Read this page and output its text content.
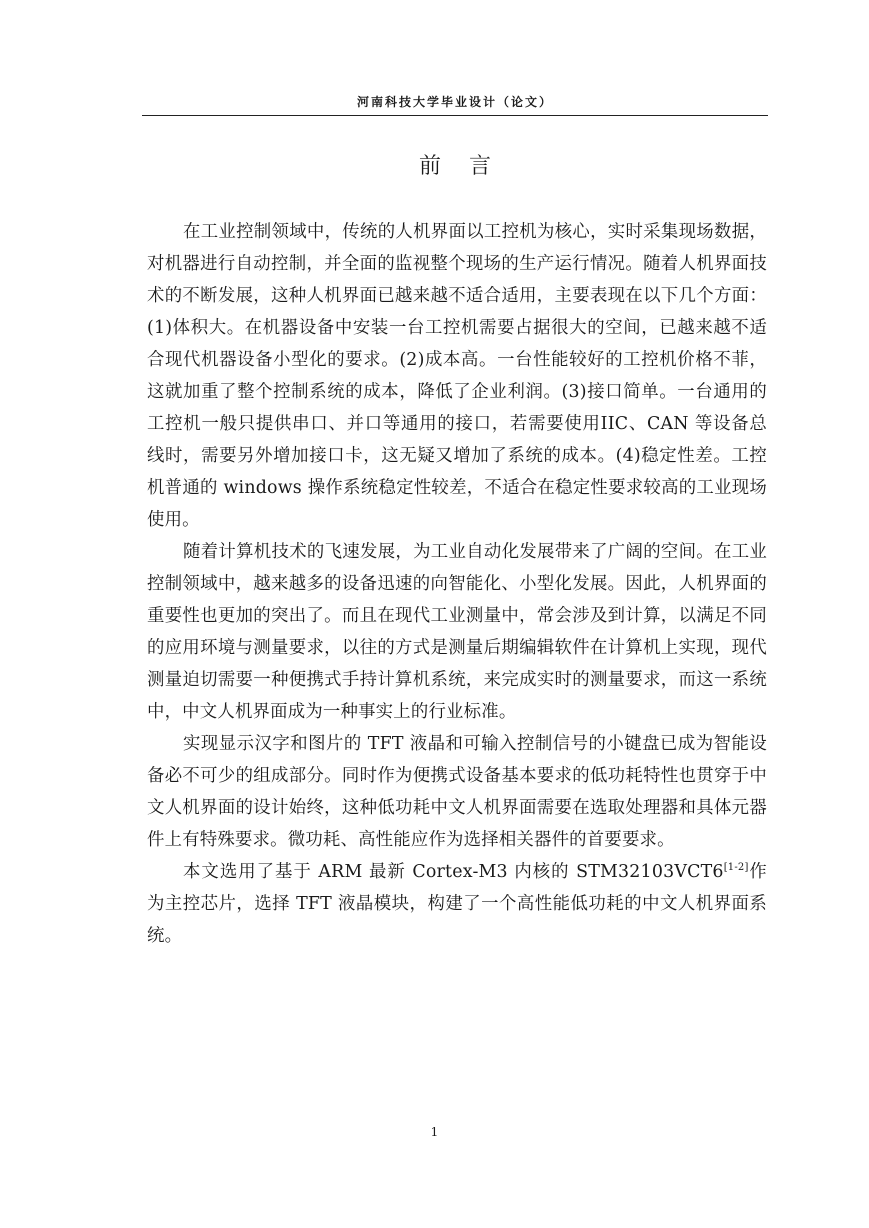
河南科技大学毕业设计（论文）
前言

在工业控制领域中，传统的人机界面以工控机为核心，实时采集现场数据，对机器进行自动控制，并全面的监视整个现场的生产运行情况。随着人机界面技术的不断发展，这种人机界面已越来越不适合适用，主要表现在以下几个方面：(1)体积大。在机器设备中安装一台工控机需要占据很大的空间，已越来越不适合现代机器设备小型化的要求。(2)成本高。一台性能较好的工控机价格不菲，这就加重了整个控制系统的成本，降低了企业利润。(3)接口简单。一台通用的工控机一般只提供串口、并口等通用的接口，若需要使用IIC、CAN 等设备总线时，需要另外增加接口卡，这无疑又增加了系统的成本。(4)稳定性差。工控机普通的 windows 操作系统稳定性较差，不适合在稳定性要求较高的工业现场使用。

随着计算机技术的飞速发展，为工业自动化发展带来了广阔的空间。在工业控制领域中，越来越多的设备迅速的向智能化、小型化发展。因此，人机界面的重要性也更加的突出了。而且在现代工业测量中，常会涉及到计算，以满足不同的应用环境与测量要求，以往的方式是测量后期编辑软件在计算机上实现，现代测量迫切需要一种便携式手持计算机系统，来完成实时的测量要求，而这一系统中，中文人机界面成为一种事实上的行业标准。

实现显示汉字和图片的 TFT 液晶和可输入控制信号的小键盘已成为智能设备必不可少的组成部分。同时作为便携式设备基本要求的低功耗特性也贯穿于中文人机界面的设计始终，这种低功耗中文人机界面需要在选取处理器和具体元器件上有特殊要求。微功耗、高性能应作为选择相关器件的首要要求。

本文选用了基于 ARM 最新 Cortex-M3 内核的 STM32103VCT6[1-2]作为主控芯片，选择 TFT 液晶模块，构建了一个高性能低功耗的中文人机界面系统。

1
